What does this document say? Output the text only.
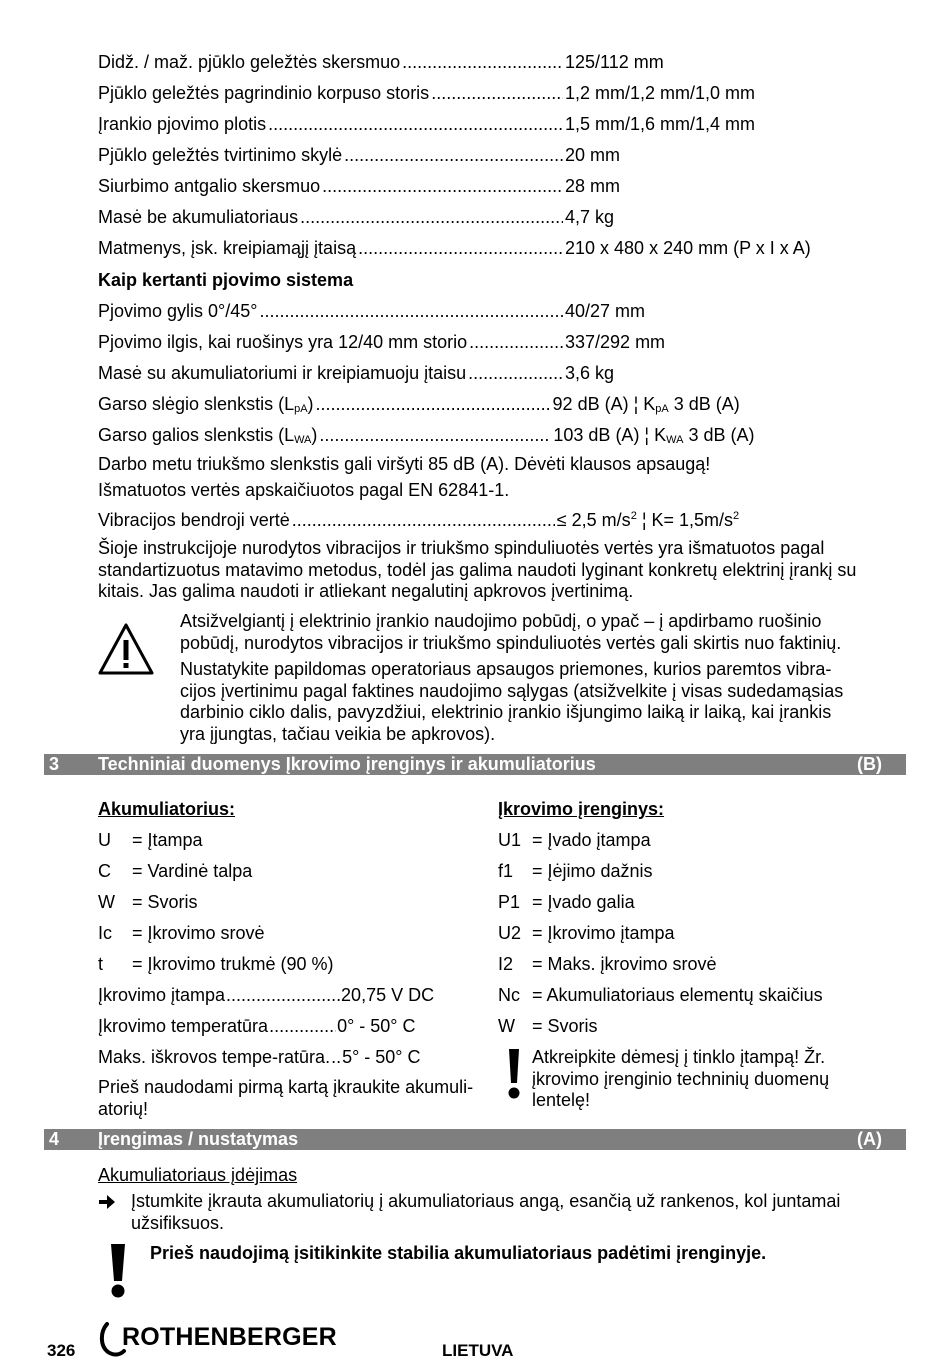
Didž. / maž. pjūklo geležtės skersmuo .....	125/112 mm
Pjūklo geležtės pagrindinio korpuso storis .....	1,2 mm/1,2 mm/1,0 mm
Įrankio pjovimo plotis .....	1,5 mm/1,6 mm/1,4 mm
Pjūklo geležtės tvirtinimo skylė .....	20 mm
Siurbimo antgalio skersmuo .....	28 mm
Masė be akumuliatoriaus .....	4,7 kg
Matmenys, įsk. kreipiamąjį įtaisą .....	210 x 480 x 240 mm (P x I x A)
Kaip kertanti pjovimo sistema
Pjovimo gylis 0°/45° .....	40/27 mm
Pjovimo ilgis, kai ruošinys yra 12/40 mm storio .....	337/292 mm
Masė su akumuliatoriumi ir kreipiamuoju įtaisu .....	3,6 kg
Garso slėgio slenkstis $(L_{pA})$ .....	92 dB (A) ¦ $K_{pA}$ 3 dB (A)
Garso galios slenkstis $(L_{WA})$ .....	103 dB (A) ¦ $K_{WA}$ 3 dB (A)
Darbo metu triukšmo slenkstis gali viršyti 85 dB (A). Dėvėti klausos apsaugą!
Išmatuotos vertės apskaičiuotos pagal EN 62841-1.
Vibracijos bendroji vertė .....	≤ 2,5 $m/s^2$ ¦ $K= 1,5m/s^2$
Šioje instrukcijoje nurodytos vibracijos ir triukšmo spinduliuotės vertės yra išmatuotos pagal
standartizuotus matavimo metodus, todėl jas galima naudoti lyginant konkretų elektrinį įrankį su
kitais. Jas galima naudoti ir atliekant negalutinį apkrovos įvertinimą.
Atsižvelgiantį į elektrinio įrankio naudojimo pobūdį, o ypač – į apdirbamo ruošinio
pobūdį, nurodytos vibracijos ir triukšmo spinduliuotės vertės gali skirtis nuo faktinių.
Nustatykite papildomas operatoriaus apsaugos priemones, kurios paremtos vibra-
cijos įvertinimu pagal faktines naudojimo sąlygas (atsižvelkite į visas sudedamąsias
darbinio ciklo dalis, pavyzdžiui, elektrinio įrankio išjungimo laiką ir laiką, kai įrankis
yra įjungtas, tačiau veikia be apkrovos).
3 Techniniai duomenys Įkrovimo įrenginys ir akumuliatorius	(B)
Akumuliatorius:
U = Įtampa
C = Vardinė talpa
W = Svoris
Ic = Įkrovimo srovė
t = Įkrovimo trukmė (90 %)
Įkrovimo įtampa .....	20,75 V DC
Įkrovimo temperatūra .....	0° - 50° C
Maks. iškrovos tempe-ratūra. ..... 5° - 50° C
Prieš naudodami pirmą kartą įkraukite akumuli-
atorių!
Įkrovimo įrenginys:
U1 = Įvado įtampa
f1 = Įėjimo dažnis
P1 = Įvado galia
U2 = Įkrovimo įtampa
I2 = Maks. įkrovimo srovė
Nc = Akumuliatoriaus elementų skaičius
W = Svoris
Atkreipkite dėmesį į tinklo įtampą! Žr.
įkrovimo įrenginio techninių duomenų
lentelę!
4 Įrengimas / nustatymas	(A)
Akumuliatoriaus įdėjimas
Įstumkite įkrauta akumuliatorių į akumuliatoriaus angą, esančią už rankenos, kol juntamai
užsifiksuos.
Prieš naudojimą įsitikinkite stabilia akumuliatoriaus padėtimi įrenginyje.
326 ROTHENBERGER	LIETUVA
